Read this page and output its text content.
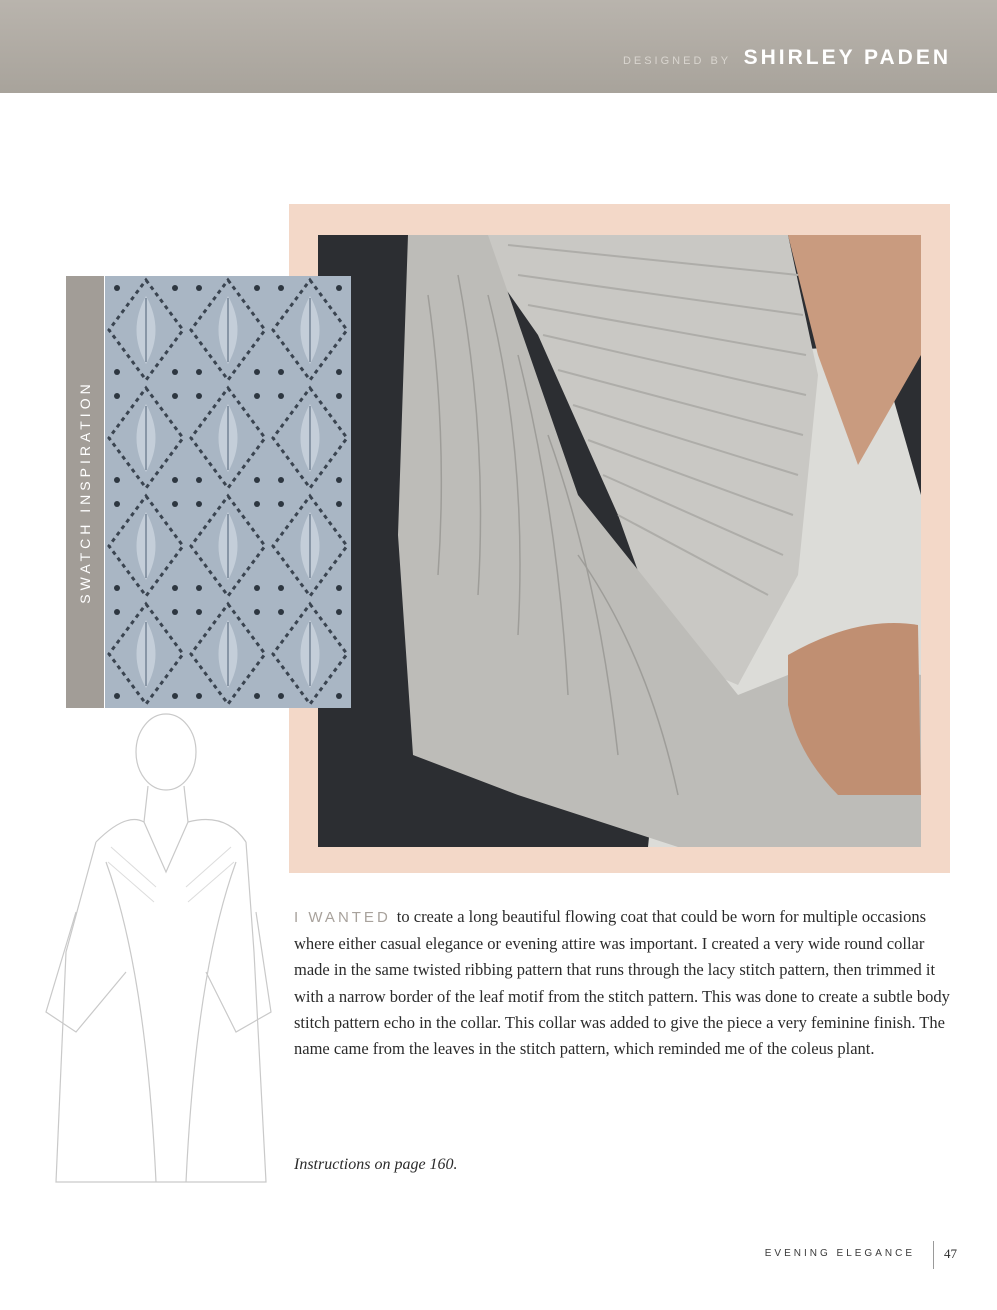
DESIGNED BY SHIRLEY PADEN
SWATCH INSPIRATION

I WANTED to create a long beautiful flowing coat that could be worn for multiple occasions where either casual elegance or evening attire was important. I created a very wide round collar made in the same twisted ribbing pattern that runs through the lacy stitch pattern, then trimmed it with a narrow border of the leaf motif from the stitch pattern. This was done to create a subtle body stitch pattern echo in the collar. This collar was added to give the piece a very feminine finish. The name came from the leaves in the stitch pattern, which reminded me of the coleus plant.

Instructions on page 160.

EVENING ELEGANCE 47
